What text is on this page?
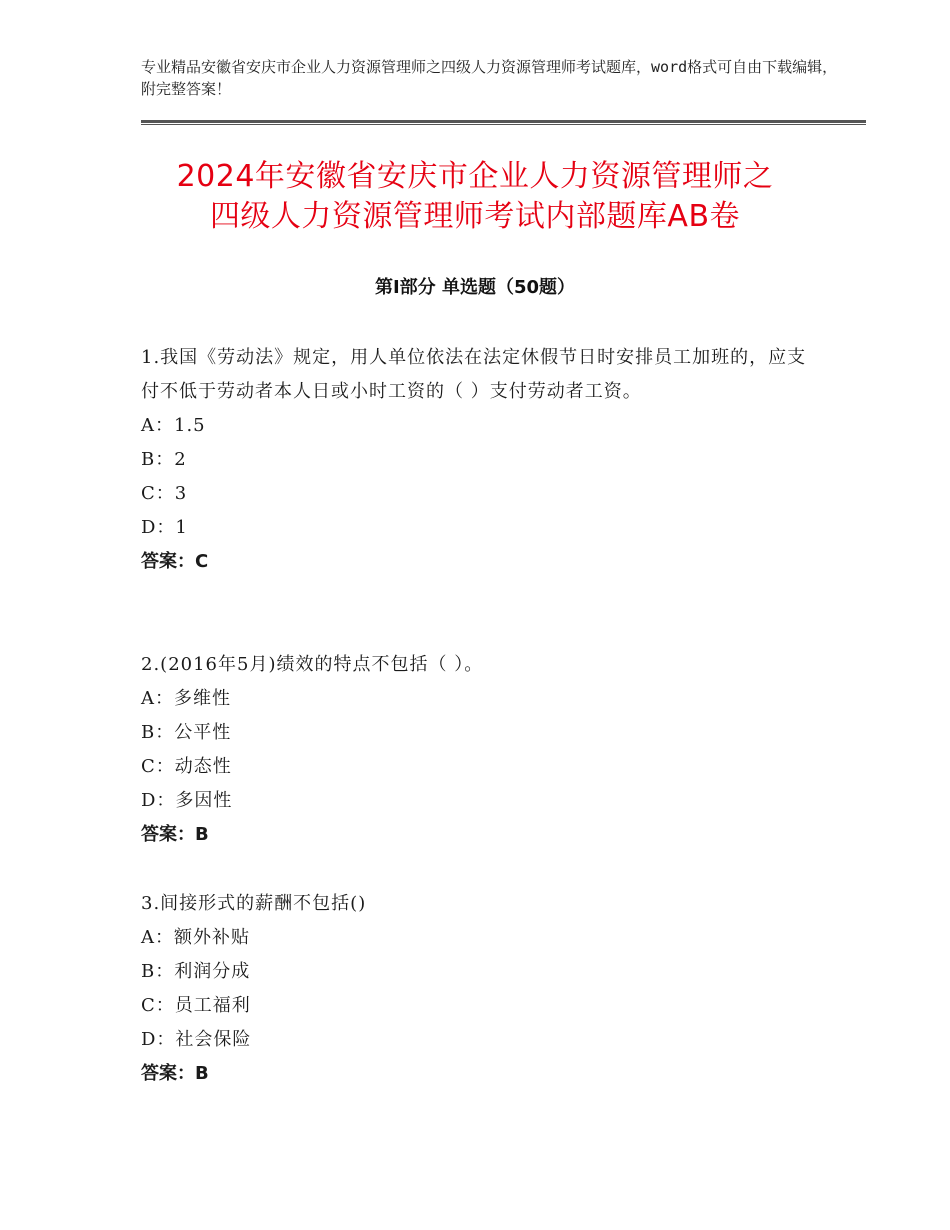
专业精品安徽省安庆市企业人力资源管理师之四级人力资源管理师考试题库，word格式可自由下载编辑，附完整答案！
2024年安徽省安庆市企业人力资源管理师之
四级人力资源管理师考试内部题库AB卷
第Ⅰ部分 单选题（50题）

1.我国《劳动法》规定，用人单位依法在法定休假节日时安排员工加班的，应支付不低于劳动者本人日或小时工资的（ ）支付劳动者工资。

A：1.5

B：2

C：3

D：1

答案：C

2.(2016年5月)绩效的特点不包括（ ）。

A：多维性

B：公平性

C：动态性

D：多因性

答案：B

3.间接形式的薪酬不包括()

A：额外补贴

B：利润分成

C：员工福利

D：社会保险

答案：B
